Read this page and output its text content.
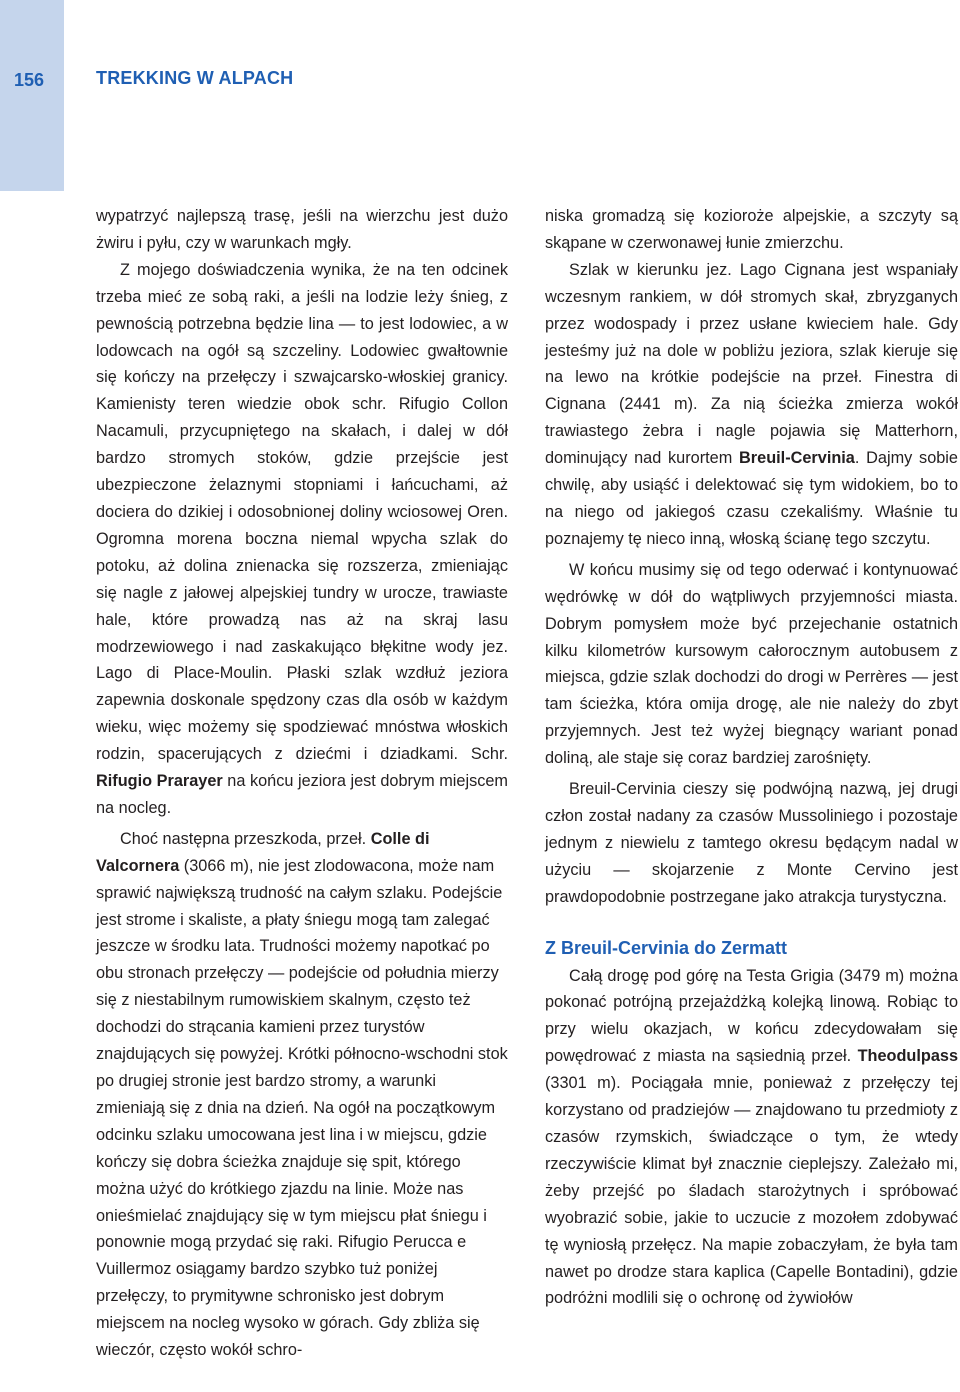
156	TREKKING W ALPACH

wypatrzyć najlepszą trasę, jeśli na wierzchu jest dużo żwiru i pyłu, czy w warunkach mgły.

Z mojego doświadczenia wynika, że na ten odcinek trzeba mieć ze sobą raki, a jeśli na lodzie leży śnieg, z pewnością potrzebna będzie lina — to jest lodowiec, a w lodowcach na ogół są szczeliny. Lodowiec gwałtownie się kończy na przełęczy i szwajcarsko-włoskiej granicy. Kamienisty teren wiedzie obok schr. Rifugio Collon Nacamuli, przycupniętego na skałach, i dalej w dół bardzo stromych stoków, gdzie przejście jest ubezpieczone żelaznymi stopniami i łańcuchami, aż dociera do dzikiej i odosobnionej doliny wciosowej Oren. Ogromna morena boczna niemal wpycha szlak do potoku, aż dolina znienacka się rozszerza, zmieniając się nagle z jałowej alpejskiej tundry w urocze, trawiaste hale, które prowadzą nas aż na skraj lasu modrzewiowego i nad zaskakująco błękitne wody jez. Lago di Place-Moulin. Płaski szlak wzdłuż jeziora zapewnia doskonale spędzony czas dla osób w każdym wieku, więc możemy się spodziewać mnóstwa włoskich rodzin, spacerujących z dziećmi i dziadkami. Schr. Rifugio Prarayer na końcu jeziora jest dobrym miejscem na nocleg.

Choć następna przeszkoda, przeł. Colle di Valcornera (3066 m), nie jest zlodowacona, może nam sprawić największą trudność na całym szlaku. Podejście jest strome i skaliste, a płaty śniegu mogą tam zalegać jeszcze w środku lata. Trudności możemy napotkać po obu stronach przełęczy — podejście od południa mierzy się z niestabilnym rumowiskiem skalnym, często też dochodzi do strącania kamieni przez turystów znajdujących się powyżej. Krótki północno-wschodni stok po drugiej stronie jest bardzo stromy, a warunki zmieniają się z dnia na dzień. Na ogół na początkowym odcinku szlaku umocowana jest lina i w miejscu, gdzie kończy się dobra ścieżka znajduje się spit, którego można użyć do krótkiego zjazdu na linie. Może nas onieśmielać znajdujący się w tym miejscu płat śniegu i ponownie mogą przydać się raki. Rifugio Perucca e Vuillermoz osiągamy bardzo szybko tuż poniżej przełęczy, to prymitywne schronisko jest dobrym miejscem na nocleg wysoko w górach. Gdy zbliża się wieczór, często wokół schro-

niska gromadzą się kozioroże alpejskie, a szczyty są skąpane w czerwonawej łunie zmierzchu.

Szlak w kierunku jez. Lago Cignana jest wspaniały wczesnym rankiem, w dół stromych skał, zbryzganych przez wodospady i przez usłane kwieciem hale. Gdy jesteśmy już na dole w pobliżu jeziora, szlak kieruje się na lewo na krótkie podejście na przeł. Finestra di Cignana (2441 m). Za nią ścieżka zmierza wokół trawiastego żebra i nagle pojawia się Matterhorn, dominujący nad kurortem Breuil-Cervinia. Dajmy sobie chwilę, aby usiąść i delektować się tym widokiem, bo to na niego od jakiegoś czasu czekaliśmy. Właśnie tu poznajemy tę nieco inną, włoską ścianę tego szczytu.

W końcu musimy się od tego oderwać i kontynuować wędrówkę w dół do wątpliwych przyjemności miasta. Dobrym pomysłem może być przejechanie ostatnich kilku kilometrów kursowym całorocznym autobusem z miejsca, gdzie szlak dochodzi do drogi w Perrères — jest tam ścieżka, która omija drogę, ale nie należy do zbyt przyjemnych. Jest też wyżej biegnący wariant ponad doliną, ale staje się coraz bardziej zarośnięty.

Breuil-Cervinia cieszy się podwójną nazwą, jej drugi człon został nadany za czasów Mussoliniego i pozostaje jednym z niewielu z tamtego okresu będącym nadal w użyciu — skojarzenie z Monte Cervino jest prawdopodobnie postrzegane jako atrakcja turystyczna.

Z Breuil-Cervinia do Zermatt

Całą drogę pod górę na Testa Grigia (3479 m) można pokonać potrójną przejażdżką kolejką linową. Robiąc to przy wielu okazjach, w końcu zdecydowałam się powędrować z miasta na sąsiednią przeł. Theodulpass (3301 m). Pociągała mnie, ponieważ z przełęczy tej korzystano od pradziejów — znajdowano tu przedmioty z czasów rzymskich, świadczące o tym, że wtedy rzeczywiście klimat był znacznie cieplejszy. Zależało mi, żeby przejść po śladach starożytnych i spróbować wyobrazić sobie, jakie to uczucie z mozołem zdobywać tę wyniosłą przełęcz. Na mapie zobaczyłam, że była tam nawet po drodze stara kaplica (Capelle Bontadini), gdzie podróżni modlili się o ochronę od żywiołów
